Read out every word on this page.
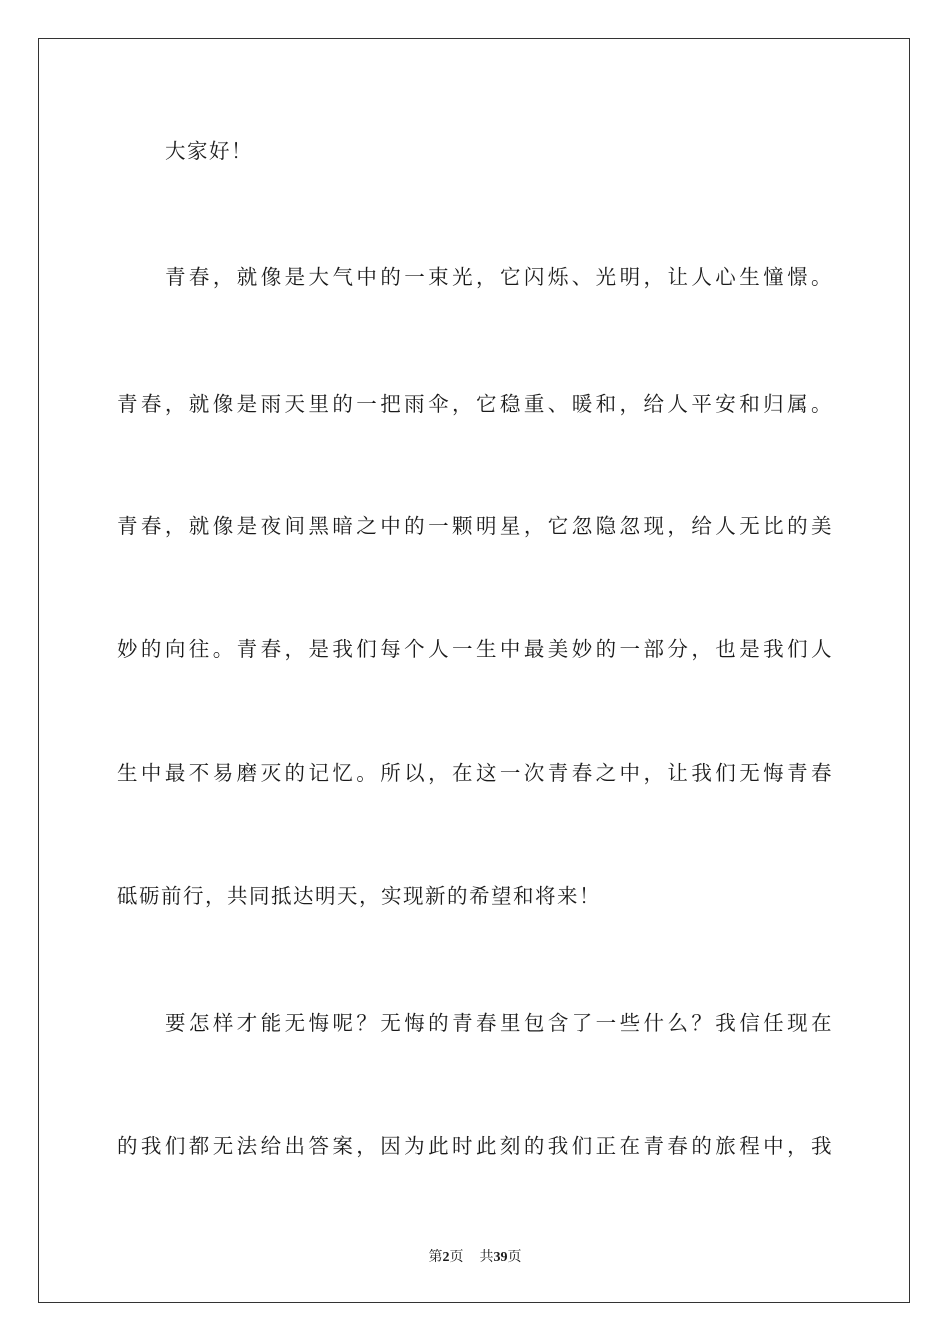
大家好！
青春，就像是大气中的一束光，它闪烁、光明，让人心生憧憬。
青春，就像是雨天里的一把雨伞，它稳重、暖和，给人平安和归属。
青春，就像是夜间黑暗之中的一颗明星，它忽隐忽现，给人无比的美
妙的向往。青春，是我们每个人一生中最美妙的一部分，也是我们人
生中最不易磨灭的记忆。所以，在这一次青春之中，让我们无悔青春
砥砺前行，共同抵达明天，实现新的希望和将来！
要怎样才能无悔呢？无悔的青春里包含了一些什么？我信任现在
的我们都无法给出答案，因为此时此刻的我们正在青春的旅程中，我
第2页 共39页
